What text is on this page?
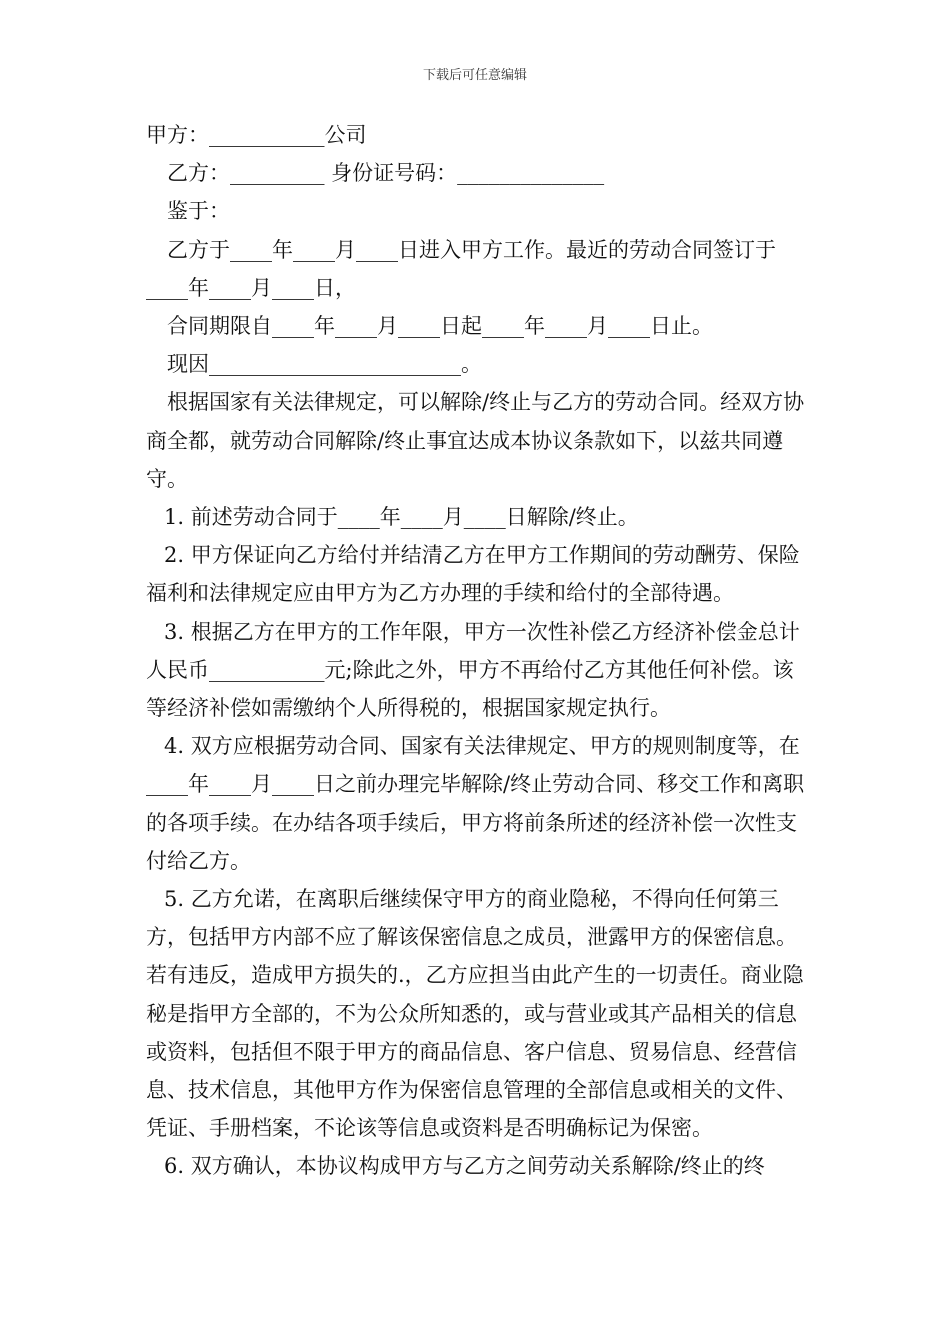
下载后可任意编辑

甲方：___________公司

乙方：_________ 身份证号码：______________

鉴于：

乙方于____年____月____日进入甲方工作。最近的劳动合同签订于____年____月____日，

合同期限自____年____月____日起____年____月____日止。

现因________________________。

根据国家有关法律规定，可以解除/终止与乙方的劳动合同。经双方协商全都，就劳动合同解除/终止事宜达成本协议条款如下，以兹共同遵守。

1. 前述劳动合同于____年____月____日解除/终止。

2. 甲方保证向乙方给付并结清乙方在甲方工作期间的劳动酬劳、保险福利和法律规定应由甲方为乙方办理的手续和给付的全部待遇。

3. 根据乙方在甲方的工作年限，甲方一次性补偿乙方经济补偿金总计人民币___________元;除此之外，甲方不再给付乙方其他任何补偿。该等经济补偿如需缴纳个人所得税的，根据国家规定执行。

4. 双方应根据劳动合同、国家有关法律规定、甲方的规则制度等，在____年____月____日之前办理完毕解除/终止劳动合同、移交工作和离职的各项手续。在办结各项手续后，甲方将前条所述的经济补偿一次性支付给乙方。

5. 乙方允诺，在离职后继续保守甲方的商业隐秘，不得向任何第三方，包括甲方内部不应了解该保密信息之成员，泄露甲方的保密信息。若有违反，造成甲方损失的.，乙方应担当由此产生的一切责任。商业隐秘是指甲方全部的，不为公众所知悉的，或与营业或其产品相关的信息或资料，包括但不限于甲方的商品信息、客户信息、贸易信息、经营信息、技术信息，其他甲方作为保密信息管理的全部信息或相关的文件、凭证、手册档案，不论该等信息或资料是否明确标记为保密。

6. 双方确认，本协议构成甲方与乙方之间劳动关系解除/终止的终
